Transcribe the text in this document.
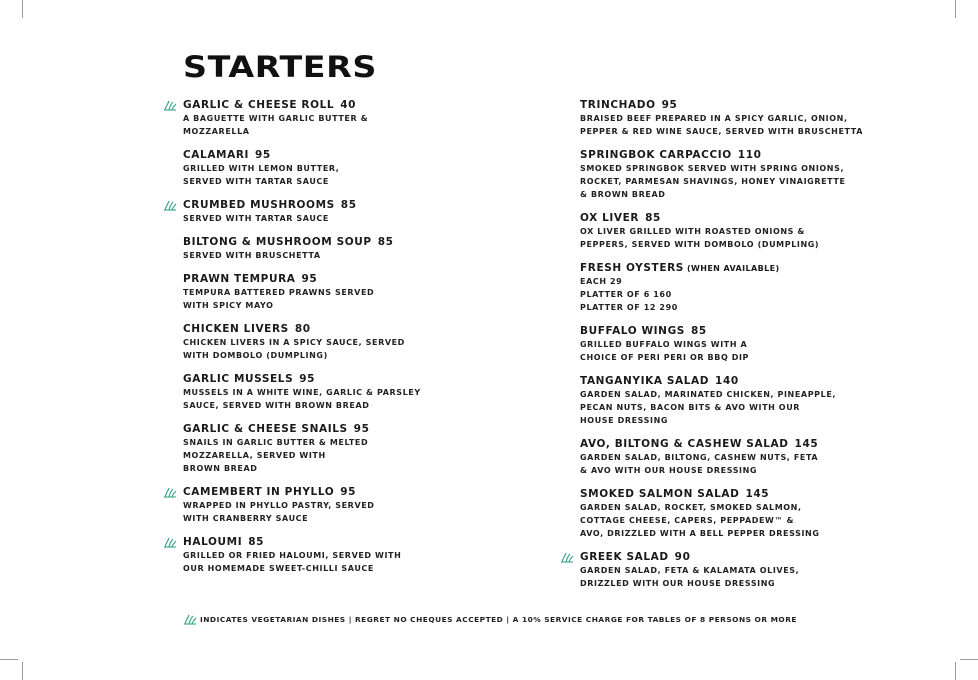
STARTERS
GARLIC & CHEESE ROLL 40
A BAGUETTE WITH GARLIC BUTTER &
MOZZARELLA
CALAMARI 95
GRILLED WITH LEMON BUTTER,
SERVED WITH TARTAR SAUCE
CRUMBED MUSHROOMS 85
SERVED WITH TARTAR SAUCE
BILTONG & MUSHROOM SOUP 85
SERVED WITH BRUSCHETTA
PRAWN TEMPURA 95
TEMPURA BATTERED PRAWNS SERVED
WITH SPICY MAYO
CHICKEN LIVERS 80
CHICKEN LIVERS IN A SPICY SAUCE, SERVED
WITH DOMBOLO (DUMPLING)
GARLIC MUSSELS 95
MUSSELS IN A WHITE WINE, GARLIC & PARSLEY
SAUCE, SERVED WITH BROWN BREAD
GARLIC & CHEESE SNAILS 95
SNAILS IN GARLIC BUTTER & MELTED
MOZZARELLA, SERVED WITH
BROWN BREAD
CAMEMBERT IN PHYLLO 95
WRAPPED IN PHYLLO PASTRY, SERVED
WITH CRANBERRY SAUCE
HALOUMI 85
GRILLED OR FRIED HALOUMI, SERVED WITH
OUR HOMEMADE SWEET-CHILLI SAUCE
TRINCHADO 95
BRAISED BEEF PREPARED IN A SPICY GARLIC, ONION,
PEPPER & RED WINE SAUCE, SERVED WITH BRUSCHETTA
SPRINGBOK CARPACCIO 110
SMOKED SPRINGBOK SERVED WITH SPRING ONIONS,
ROCKET, PARMESAN SHAVINGS, HONEY VINAIGRETTE
& BROWN BREAD
OX LIVER 85
OX LIVER GRILLED WITH ROASTED ONIONS &
PEPPERS, SERVED WITH DOMBOLO (DUMPLING)
FRESH OYSTERS (WHEN AVAILABLE)
EACH 29
PLATTER OF 6 160
PLATTER OF 12 290
BUFFALO WINGS 85
GRILLED BUFFALO WINGS WITH A
CHOICE OF PERI PERI OR BBQ DIP
TANGANYIKA SALAD 140
GARDEN SALAD, MARINATED CHICKEN, PINEAPPLE,
PECAN NUTS, BACON BITS & AVO WITH OUR
HOUSE DRESSING
AVO, BILTONG & CASHEW SALAD 145
GARDEN SALAD, BILTONG, CASHEW NUTS, FETA
& AVO WITH OUR HOUSE DRESSING
SMOKED SALMON SALAD 145
GARDEN SALAD, ROCKET, SMOKED SALMON,
COTTAGE CHEESE, CAPERS, PEPPADEW™ &
AVO, DRIZZLED WITH A BELL PEPPER DRESSING
GREEK SALAD 90
GARDEN SALAD, FETA & KALAMATA OLIVES,
DRIZZLED WITH OUR HOUSE DRESSING
INDICATES VEGETARIAN DISHES | REGRET NO CHEQUES ACCEPTED | A 10% SERVICE CHARGE FOR TABLES OF 8 PERSONS OR MORE
